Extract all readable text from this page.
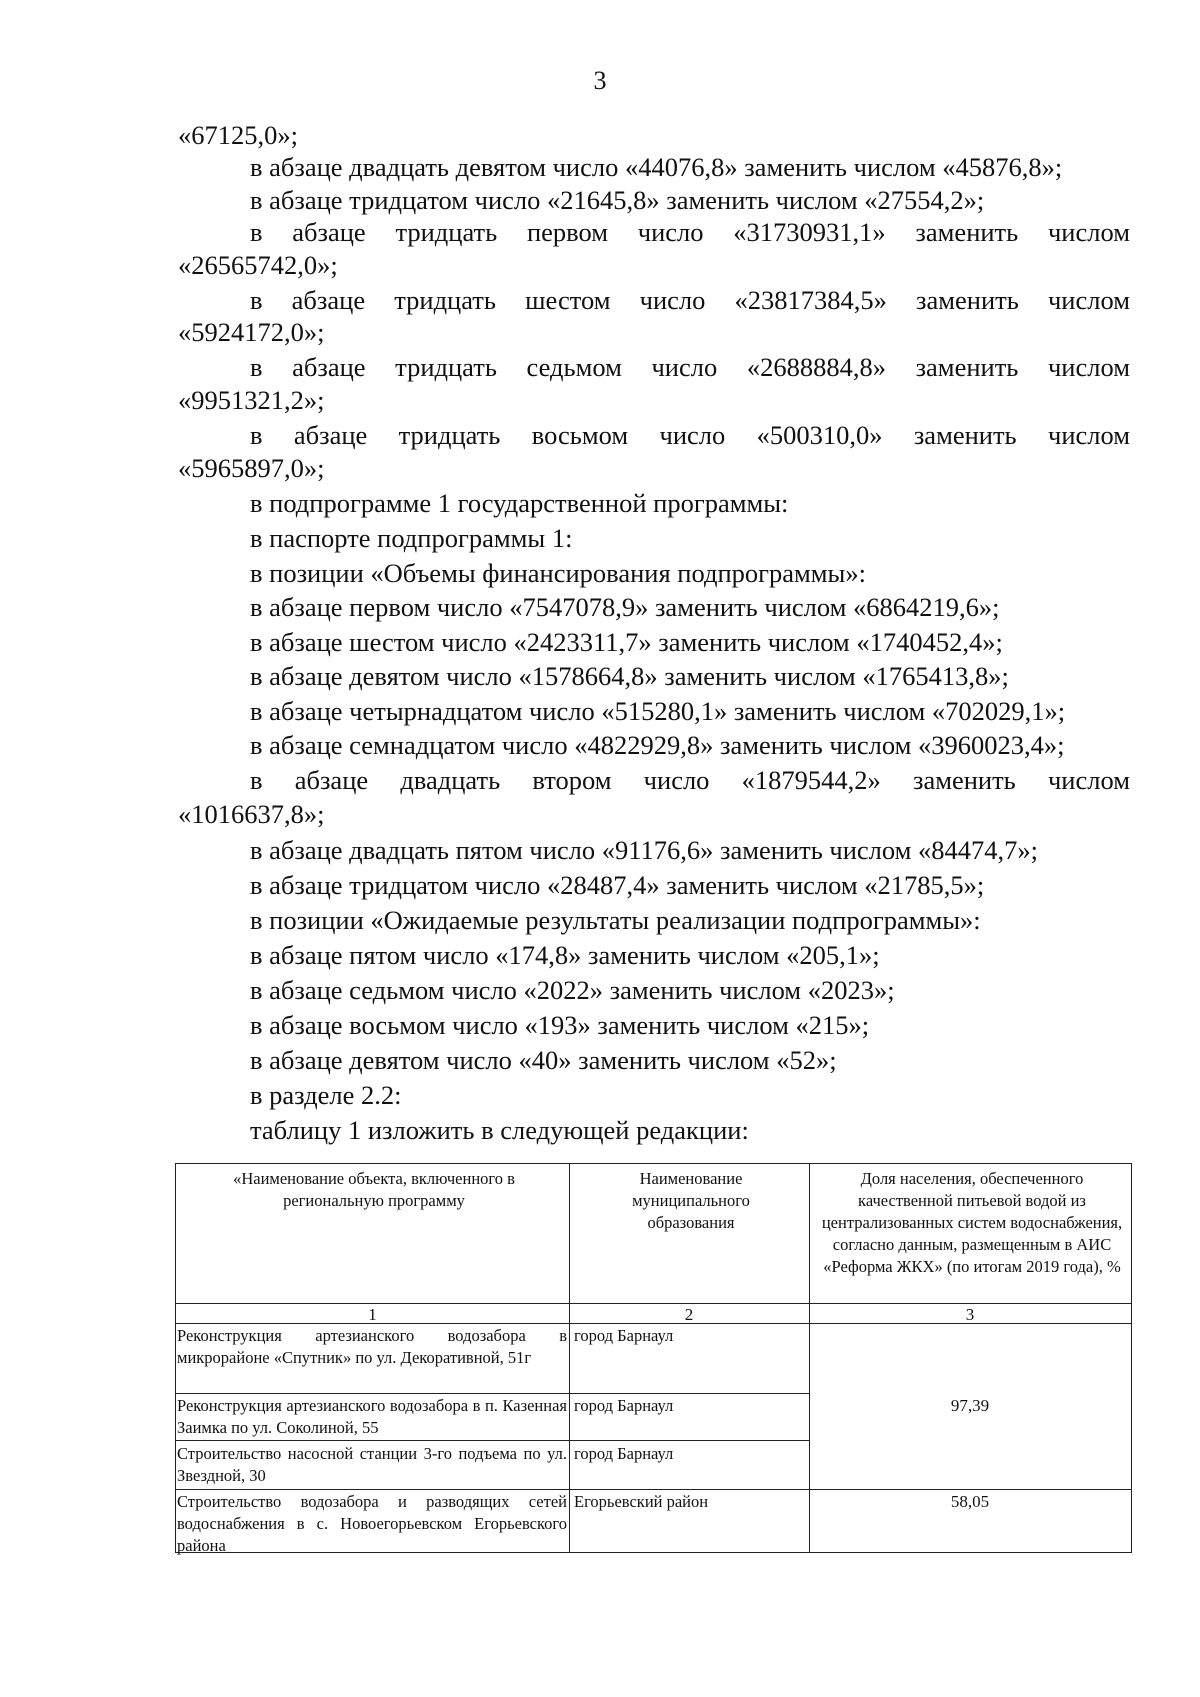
3
«67125,0»;
в абзаце двадцать девятом число «44076,8» заменить числом «45876,8»;
в абзаце тридцатом число «21645,8» заменить числом «27554,2»;
в абзаце тридцать первом число «31730931,1» заменить числом
«26565742,0»;
в абзаце тридцать шестом число «23817384,5» заменить числом
«5924172,0»;
в абзаце тридцать седьмом число «2688884,8» заменить числом
«9951321,2»;
в абзаце тридцать восьмом число «500310,0» заменить числом
«5965897,0»;
в подпрограмме 1 государственной программы:
в паспорте подпрограммы 1:
в позиции «Объемы финансирования подпрограммы»:
в абзаце первом число «7547078,9» заменить числом «6864219,6»;
в абзаце шестом число «2423311,7» заменить числом «1740452,4»;
в абзаце девятом число «1578664,8» заменить числом «1765413,8»;
в абзаце четырнадцатом число «515280,1» заменить числом «702029,1»;
в абзаце семнадцатом число «4822929,8» заменить числом «3960023,4»;
в абзаце двадцать втором число «1879544,2» заменить числом
«1016637,8»;
в абзаце двадцать пятом число «91176,6» заменить числом «84474,7»;
в абзаце тридцатом число «28487,4» заменить числом «21785,5»;
в позиции «Ожидаемые результаты реализации подпрограммы»:
в абзаце пятом число «174,8» заменить числом «205,1»;
в абзаце седьмом число «2022» заменить числом «2023»;
в абзаце восьмом число «193» заменить числом «215»;
в абзаце девятом число «40» заменить числом «52»;
в разделе 2.2:
таблицу 1 изложить в следующей редакции:
«Наименование объекта, включенного в региональную программу
Наименование муниципального образования
Доля населения, обеспеченного качественной питьевой водой из централизованных систем водоснабжения, согласно данным, размещенным в АИС «Реформа ЖКХ» (по итогам 2019 года), %
1	2	3
Реконструкция артезианского водозабора в микрорайоне «Спутник» по ул. Декоративной, 51г
город Барнаул
Реконструкция артезианского водозабора в п. Казенная Заимка по ул. Соколиной, 55
город Барнаул
Строительство насосной станции 3-го подъема по ул. Звездной, 30
город Барнаул
Строительство водозабора и разводящих сетей водоснабжения в с. Новоегорьевском Егорьевского района
Егорьевский район
97,39
58,05
